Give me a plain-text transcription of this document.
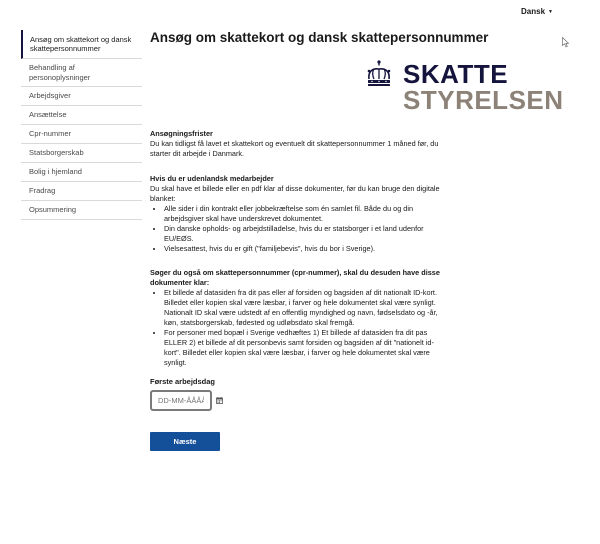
Dansk ▼
Ansøg om skattekort og dansk skattepersonnummer
Behandling af personoplysninger
Arbejdsgiver
Ansættelse
Cpr-nummer
Statsborgerskab
Bolig i hjemland
Fradrag
Opsummering
Ansøg om skattekort og dansk skattepersonnummer
SKATTE
STYRELSEN
Ansøgningsfrister

Du kan tidligst få lavet et skattekort og eventuelt dit skattepersonnummer 1 måned før, du starter dit arbejde i Danmark.

Hvis du er udenlandsk medarbejder

Du skal have et billede eller en pdf klar af disse dokumenter, før du kan bruge den digitale blanket:

• Alle sider i din kontrakt eller jobbekræftelse som én samlet fil. Både du og din arbejdsgiver skal have underskrevet dokumentet.
• Din danske opholds- og arbejdstilladelse, hvis du er statsborger i et land udenfor EU/EØS.
• Vielsesattest, hvis du er gift ("familjebevis", hvis du bor i Sverige).
Søger du også om skattepersonnummer (cpr-nummer), skal du desuden have disse dokumenter klar:
• Et billede af datasiden fra dit pas eller af forsiden og bagsiden af dit nationalt ID-kort. Billedet eller kopien skal være læsbar, i farver og hele dokumentet skal være synligt. Nationalt ID skal være udstedt af en offentlig myndighed og navn, fødselsdato og -år, køn, statsborgerskab, fødested og udløbsdato skal fremgå.
• For personer med bopæl i Sverige vedhæftes 1) Et billede af datasiden fra dit pas ELLER 2) et billede af dit personbevis samt forsiden og bagsiden af dit "nationelt id-kort". Billedet eller kopien skal være læsbar, i farver og hele dokumentet skal være synligt.
Første arbejdsdag
DD-MM-ÅÅÅÅ
Næste
